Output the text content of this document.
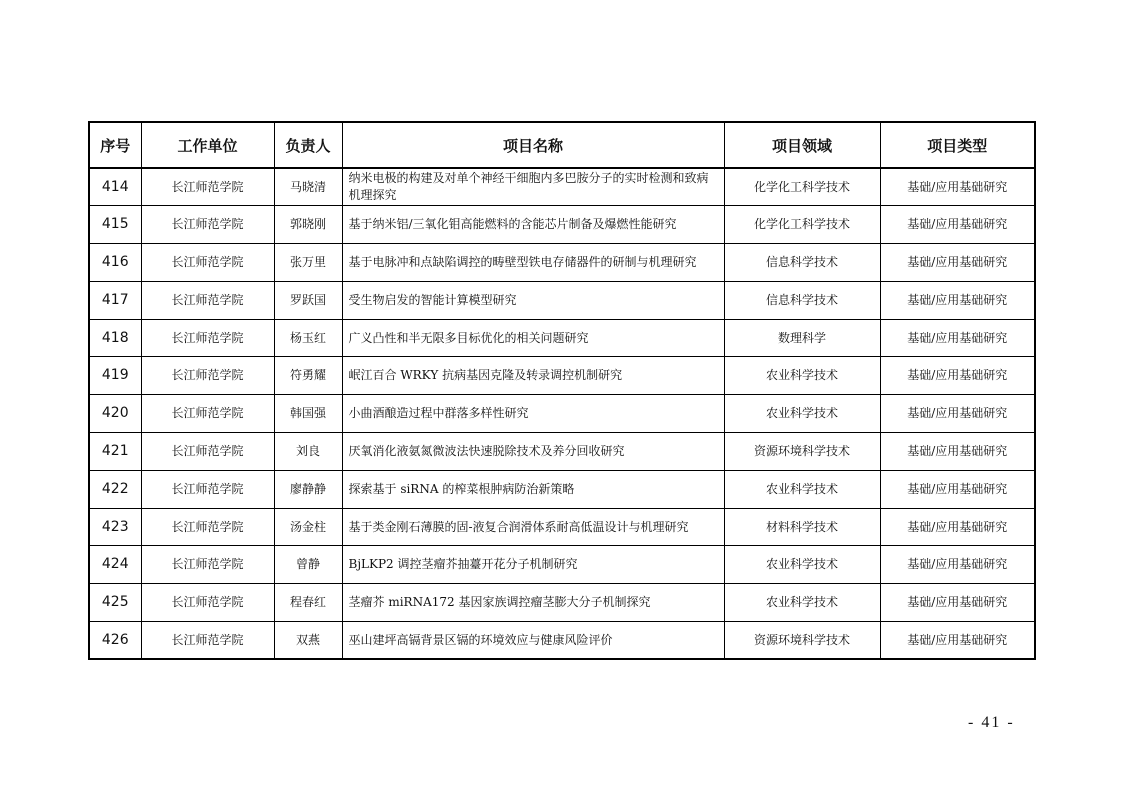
序号	工作单位	负责人	项目名称	项目领域	项目类型
414	长江师范学院	马晓清	纳米电极的构建及对单个神经干细胞内多巴胺分子的实时检测和致病机理探究	化学化工科学技术	基础/应用基础研究
415	长江师范学院	郭晓刚	基于纳米铝/三氧化钼高能燃料的含能芯片制备及爆燃性能研究	化学化工科学技术	基础/应用基础研究
416	长江师范学院	张万里	基于电脉冲和点缺陷调控的畴壁型铁电存储器件的研制与机理研究	信息科学技术	基础/应用基础研究
417	长江师范学院	罗跃国	受生物启发的智能计算模型研究	信息科学技术	基础/应用基础研究
418	长江师范学院	杨玉红	广义凸性和半无限多目标优化的相关问题研究	数理科学	基础/应用基础研究
419	长江师范学院	符勇耀	岷江百合 WRKY 抗病基因克隆及转录调控机制研究	农业科学技术	基础/应用基础研究
420	长江师范学院	韩国强	小曲酒酿造过程中群落多样性研究	农业科学技术	基础/应用基础研究
421	长江师范学院	刘良	厌氧消化液氨氮微波法快速脱除技术及养分回收研究	资源环境科学技术	基础/应用基础研究
422	长江师范学院	廖静静	探索基于 siRNA 的榨菜根肿病防治新策略	农业科学技术	基础/应用基础研究
423	长江师范学院	汤金柱	基于类金刚石薄膜的固-液复合润滑体系耐高低温设计与机理研究	材料科学技术	基础/应用基础研究
424	长江师范学院	曾静	BjLKP2 调控茎瘤芥抽薹开花分子机制研究	农业科学技术	基础/应用基础研究
425	长江师范学院	程春红	茎瘤芥 miRNA172 基因家族调控瘤茎膨大分子机制探究	农业科学技术	基础/应用基础研究
426	长江师范学院	双燕	巫山建坪高镉背景区镉的环境效应与健康风险评价	资源环境科学技术	基础/应用基础研究
- 41 -
